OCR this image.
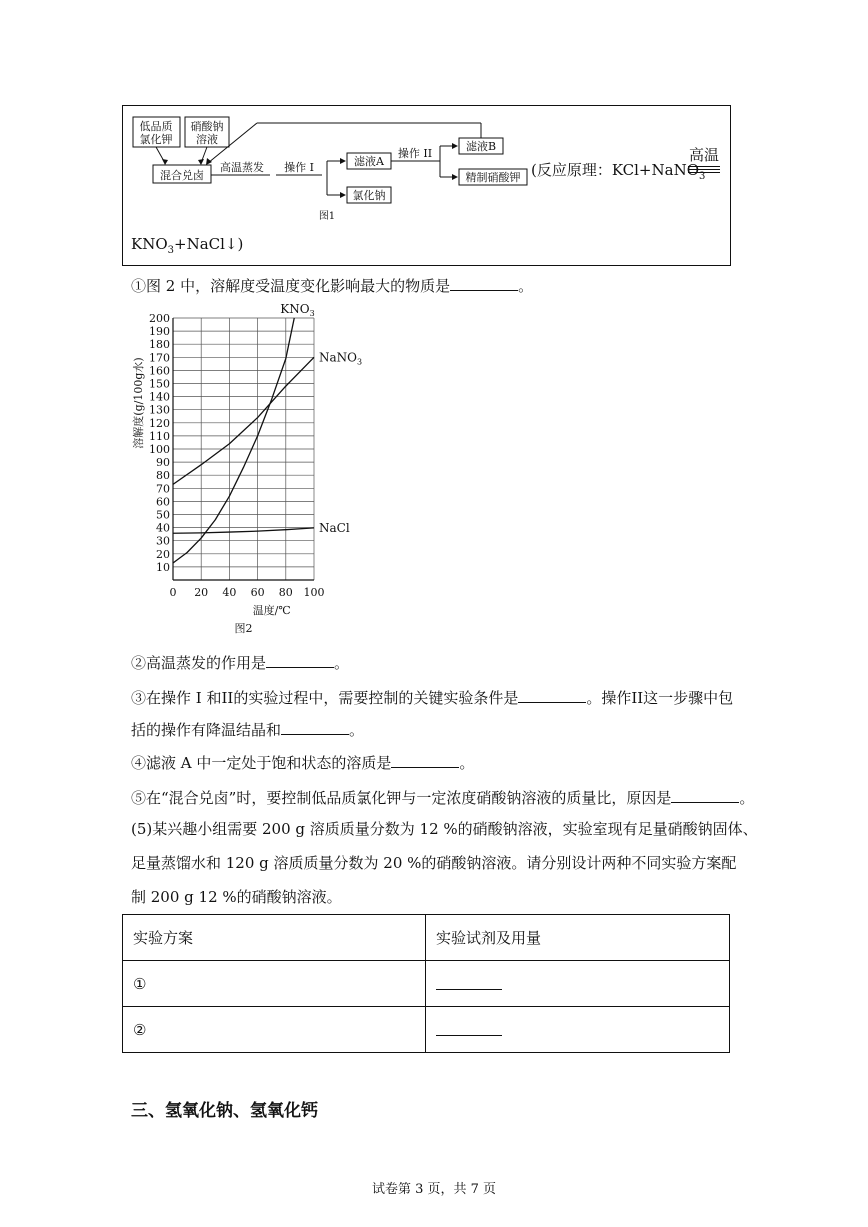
低品质
氯化钾
硝酸钠
溶液
混合兑卤
高温蒸发 操作 I	滤液A
操作 II
滤液B
精制硝酸钾
氯化钠
图1
(反应原理：KCl+NaNO$_3$
高温
$KNO_3+NaCl↓$)
①图 2 中，溶解度受温度变化影响最大的物质是	。
10
20
30
40
50
60
70
80
90
100
110
120
130
140
150
160
170
180
190
200
0 20 40 60 80 100
溶解度(g/100g水)
温度/℃
图2
$KNO_3$
NaNO$_3$
NaCl
②高温蒸发的作用是	。
③在操作 I 和II的实验过程中，需要控制的关键实验条件是	。操作II这一步骤中包
括的操作有降温结晶和	。
④滤液 A 中一定处于饱和状态的溶质是	。
⑤在“混合兑卤”时，要控制低品质氯化钾与一定浓度硝酸钠溶液的质量比，原因是	。
(5)某兴趣小组需要 200 g 溶质质量分数为 12 %的硝酸钠溶液，实验室现有足量硝酸钠固体、
足量蒸馏水和 120 g 溶质质量分数为 20 %的硝酸钠溶液。请分别设计两种不同实验方案配
制 200 g 12 %的硝酸钠溶液。
实验方案	实验试剂及用量
①	
②	
三、氢氧化钠、氢氧化钙
试卷第 3 页，共 7 页
